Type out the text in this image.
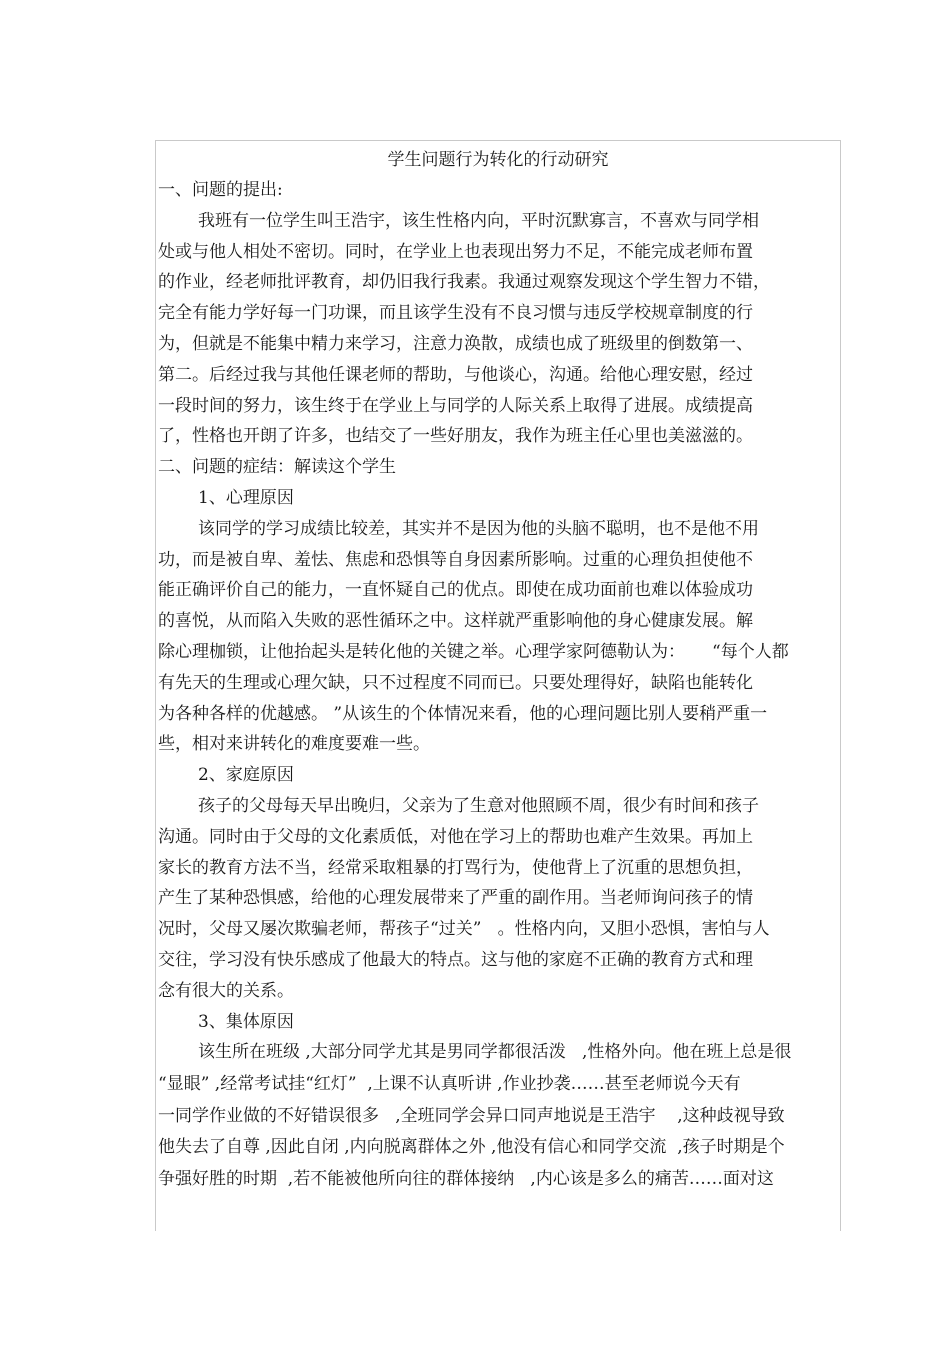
学生问题行为转化的行动研究
一、问题的提出:
我班有一位学生叫王浩宇，该生性格内向，平时沉默寡言，不喜欢与同学相
处或与他人相处不密切。同时，在学业上也表现出努力不足，不能完成老师布置
的作业，经老师批评教育，却仍旧我行我素。我通过观察发现这个学生智力不错，
完全有能力学好每一门功课，而且该学生没有不良习惯与违反学校规章制度的行
为，但就是不能集中精力来学习，注意力涣散，成绩也成了班级里的倒数第一、
第二。后经过我与其他任课老师的帮助，与他谈心，沟通。给他心理安慰，经过
一段时间的努力，该生终于在学业上与同学的人际关系上取得了进展。成绩提高
了，性格也开朗了许多，也结交了一些好朋友，我作为班主任心里也美滋滋的。
二、问题的症结：解读这个学生
1、心理原因
该同学的学习成绩比较差，其实并不是因为他的头脑不聪明，也不是他不用
功，而是被自卑、羞怯、焦虑和恐惧等自身因素所影响。过重的心理负担使他不
能正确评价自己的能力，一直怀疑自己的优点。即使在成功面前也难以体验成功
的喜悦，从而陷入失败的恶性循环之中。这样就严重影响他的身心健康发展。解
除心理枷锁，让他抬起头是转化他的关键之举。心理学家阿德勒认为：     “每个人都
有先天的生理或心理欠缺，只不过程度不同而已。只要处理得好，缺陷也能转化
为各种各样的优越感。 ”从该生的个体情况来看，他的心理问题比别人要稍严重一
些，相对来讲转化的难度要难一些。
2、家庭原因
孩子的父母每天早出晚归，父亲为了生意对他照顾不周，很少有时间和孩子
沟通。同时由于父母的文化素质低，对他在学习上的帮助也难产生效果。再加上
家长的教育方法不当，经常采取粗暴的打骂行为，使他背上了沉重的思想负担，
产生了某种恐惧感，给他的心理发展带来了严重的副作用。当老师询问孩子的情
况时，父母又屡次欺骗老师，帮孩子“过关”   。性格内向，又胆小恐惧，害怕与人
交往，学习没有快乐感成了他最大的特点。这与他的家庭不正确的教育方式和理
念有很大的关系。
3、集体原因
该生所在班级 ,大部分同学尤其是男同学都很活泼   ,性格外向。他在班上总是很
“显眼” ,经常考试挂“红灯”  ,上课不认真听讲 ,作业抄袭……甚至老师说今天有
一同学作业做的不好错误很多   ,全班同学会异口同声地说是王浩宇    ,这种歧视导致
他失去了自尊 ,因此自闭 ,内向脱离群体之外 ,他没有信心和同学交流  ,孩子时期是个
争强好胜的时期  ,若不能被他所向往的群体接纳   ,内心该是多么的痛苦……面对这
